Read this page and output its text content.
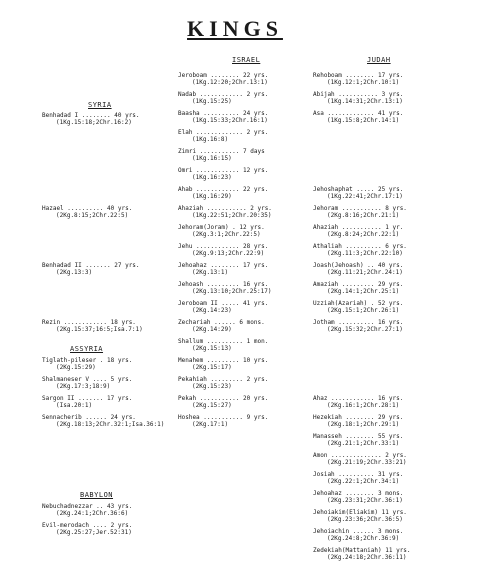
KINGS
ISRAEL	JUDAH
SYRIA
ASSYRIA
BABYLON
Jeroboam ........ 22 yrs.
(1Kg.12:20;2Chr.13:1)
Nadab ............ 2 yrs.
(1Kg.15:25)
Baasha .......... 24 yrs.
(1Kg.15:33;2Chr.16:1)
Elah ............. 2 yrs.
(1Kg.16:8)
Zimri ........... 7 days
(1Kg.16:15)
Omri ............ 12 yrs.
(1Kg.16:23)
Ahab ............ 22 yrs.
(1Kg.16:29)
Ahaziah ........... 2 yrs.
(1Kg.22:51;2Chr.20:35)
Jehoram(Joram) . 12 yrs.
(2Kg.3:1;2Chr.22:5)
Jehu ............ 28 yrs.
(2Kg.9:13;2Chr.22:9)
Jehoahaz ........ 17 yrs.
(2Kg.13:1)
Jehoash ......... 16 yrs.
(2Kg.13:10;2Chr.25:17)
Jeroboam II ..... 41 yrs.
(2Kg.14:23)
Zechariah ...... 6 mons.
(2Kg.14:29)
Shallum .......... 1 mon.
(2Kg.15:13)
Menahem ......... 10 yrs.
(2Kg.15:17)
Pekahiah ......... 2 yrs.
(2Kg.15:23)
Pekah ........... 20 yrs.
(2Kg.15:27)
Hoshea ........... 9 yrs.
(2Kg.17:1)
Rehoboam ........ 17 yrs.
(1Kg.12:1;2Chr.10:1)
Abijah ........... 3 yrs.
(1Kg.14:31;2Chr.13:1)
Asa ............. 41 yrs.
(1Kg.15:8;2Chr.14:1)
Jehoshaphat ..... 25 yrs.
(1Kg.22:41;2Chr.17:1)
Jehoram ........... 8 yrs.
(2Kg.8:16;2Chr.21:1)
Ahaziah ........... 1 yr.
(2Kg.8:24;2Chr.22:1)
Athaliah .......... 6 yrs.
(2Kg.11:3;2Chr.22:10)
Joash(Jehoash) .. 40 yrs.
(2Kg.11:21;2Chr.24:1)
Amaziah ......... 29 yrs.
(2Kg.14:1;2Chr.25:1)
Uzziah(Azariah) . 52 yrs.
(2Kg.15:1;2Chr.26:1)
Jotham .......... 16 yrs.
(2Kg.15:32;2Chr.27:1)
Ahaz ............ 16 yrs.
(2Kg.16:1;2Chr.28:1)
Hezekiah ........ 29 yrs.
(2Kg.18:1;2Chr.29:1)
Manasseh ........ 55 yrs.
(2Kg.21:1;2Chr.33:1)
Amon .............. 2 yrs.
(2Kg.21:19;2Chr.33:21)
Josiah .......... 31 yrs.
(2Kg.22:1;2Chr.34:1)
Jehoahaz ........ 3 mons.
(2Kg.23:31;2Chr.36:1)
Jehoiakim(Eliakim) 11 yrs.
(2Kg.23:36;2Chr.36:5)
Jehoiachin ...... 3 mons.
(2Kg.24:8;2Chr.36:9)
Zedekiah(Mattaniah) 11 yrs.
(2Kg.24:18;2Chr.36:11)
Benhadad I ........ 40 yrs.
(1Kg.15:18;2Chr.16:2)
Hazael .......... 40 yrs.
(2Kg.8:15;2Chr.22:5)
Benhadad II ....... 27 yrs.
(2Kg.13:3)
Rezin ............ 18 yrs.
(2Kg.15:37;16:5;Isa.7:1)
Tiglath-pileser . 18 yrs.
(2Kg.15:29)
Shalmaneser V .... 5 yrs.
(2Kg.17:3;18:9)
Sargon II ....... 17 yrs.
(Isa.20:1)
Sennacherib ...... 24 yrs.
(2Kg.18:13;2Chr.32:1;Isa.36:1)
Nebuchadnezzar .. 43 yrs.
(2Kg.24:1;2Chr.36:6)
Evil-merodach .... 2 yrs.
(2Kg.25:27;Jer.52:31)
